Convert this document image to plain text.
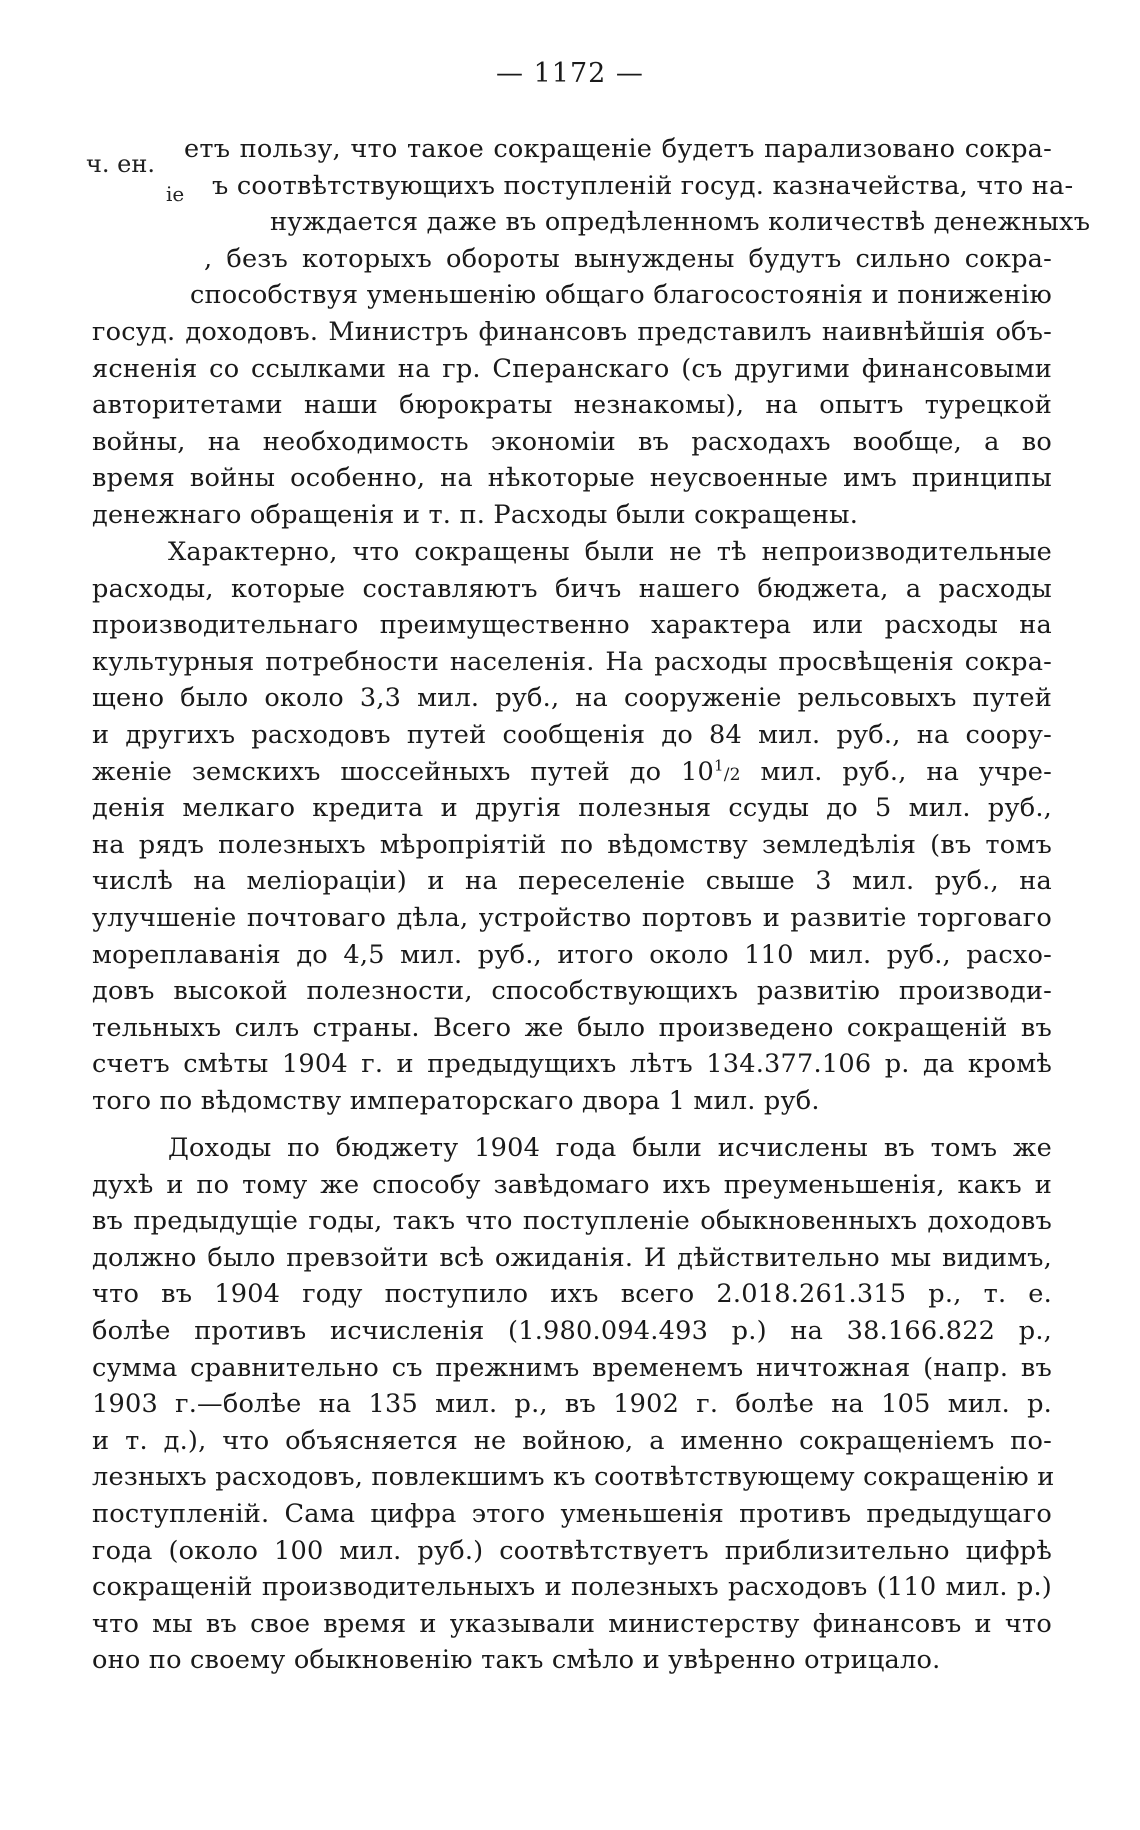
— 1172 —
ч. ен.
іе
етъ пользу, что такое сокращеніе будетъ парализовано сокра-
ъ соотвѣтствующихъ поступленій госуд. казначейства, что на-
нуждается даже въ опредѣленномъ количествѣ денежныхъ
, безъ которыхъ обороты вынуждены будутъ сильно сокра-
способствуя уменьшенію общаго благосостоянія и пониженію
госуд. доходовъ. Министръ финансовъ представилъ наивнѣйшія объ-
ясненія со ссылками на гр. Сперанскаго (съ другими финансовыми
авторитетами наши бюрократы незнакомы), на опытъ турецкой
войны, на необходимость экономіи въ расходахъ вообще, а во
время войны особенно, на нѣкоторые неусвоенные имъ принципы
денежнаго обращенія и т. п. Расходы были сокращены.
Характерно, что сокращены были не тѣ непроизводительные
расходы, которые составляютъ бичъ нашего бюджета, а расходы
производительнаго преимущественно характера или расходы на
культурныя потребности населенія. На расходы просвѣщенія сокра-
щено было около 3,3 мил. руб., на сооруженіе рельсовыхъ путей
и другихъ расходовъ путей сообщенія до 84 мил. руб., на соору-
женіе земскихъ шоссейныхъ путей до $10^1/2$ мил. руб., на учре-
денія мелкаго кредита и другія полезныя ссуды до 5 мил. руб.,
на рядъ полезныхъ мѣропріятій по вѣдомству земледѣлія (въ томъ
числѣ на меліораціи) и на переселеніе свыше 3 мил. руб., на
улучшеніе почтоваго дѣла, устройство портовъ и развитіе торговаго
мореплаванія до 4,5 мил. руб., итого около 110 мил. руб., расхо-
довъ высокой полезности, способствующихъ развитію производи-
тельныхъ силъ страны. Всего же было произведено сокращеній въ
счетъ смѣты 1904 г. и предыдущихъ лѣтъ 134.377.106 р. да кромѣ
того по вѣдомству императорскаго двора 1 мил. руб.
Доходы по бюджету 1904 года были исчислены въ томъ же
духѣ и по тому же способу завѣдомаго ихъ преуменьшенія, какъ и
въ предыдущіе годы, такъ что поступленіе обыкновенныхъ доходовъ
должно было превзойти всѣ ожиданія. И дѣйствительно мы видимъ,
что въ 1904 году поступило ихъ всего 2.018.261.315 р., т. е.
болѣе противъ исчисленія (1.980.094.493 р.) на 38.166.822 р.,
сумма сравнительно съ прежнимъ временемъ ничтожная (напр. въ
1903 г.—болѣе на 135 мил. р., въ 1902 г. болѣе на 105 мил. р.
и т. д.), что объясняется не войною, а именно сокращеніемъ по-
лезныхъ расходовъ, повлекшимъ къ соотвѣтствующему сокращенію и
поступленій. Сама цифра этого уменьшенія противъ предыдущаго
года (около 100 мил. руб.) соотвѣтствуетъ приблизительно цифрѣ
сокращеній производительныхъ и полезныхъ расходовъ (110 мил. р.)
что мы въ свое время и указывали министерству финансовъ и что
оно по своему обыкновенію такъ смѣло и увѣренно отрицало.
